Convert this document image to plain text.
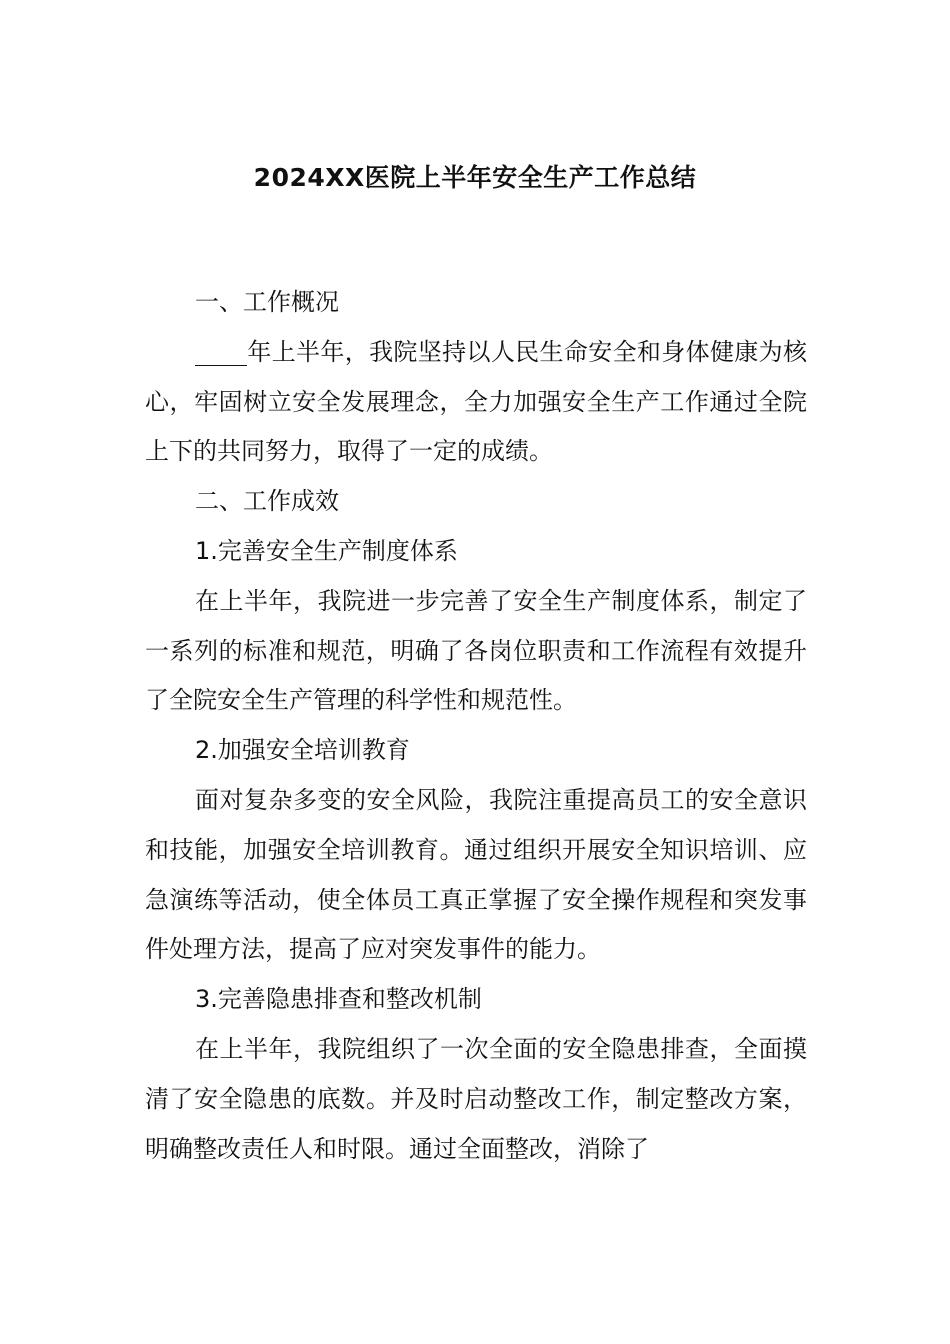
2024XX医院上半年安全生产工作总结

一、工作概况

年上半年，我院坚持以人民生命安全和身体健康为核心，牢固树立安全发展理念，全力加强安全生产工作通过全院上下的共同努力，取得了一定的成绩。

二、工作成效

1.完善安全生产制度体系

在上半年，我院进一步完善了安全生产制度体系，制定了一系列的标准和规范，明确了各岗位职责和工作流程有效提升了全院安全生产管理的科学性和规范性。

2.加强安全培训教育

面对复杂多变的安全风险，我院注重提高员工的安全意识和技能，加强安全培训教育。通过组织开展安全知识培训、应急演练等活动，使全体员工真正掌握了安全操作规程和突发事件处理方法，提高了应对突发事件的能力。

3.完善隐患排查和整改机制

在上半年，我院组织了一次全面的安全隐患排查，全面摸清了安全隐患的底数。并及时启动整改工作，制定整改方案，明确整改责任人和时限。通过全面整改，消除了
